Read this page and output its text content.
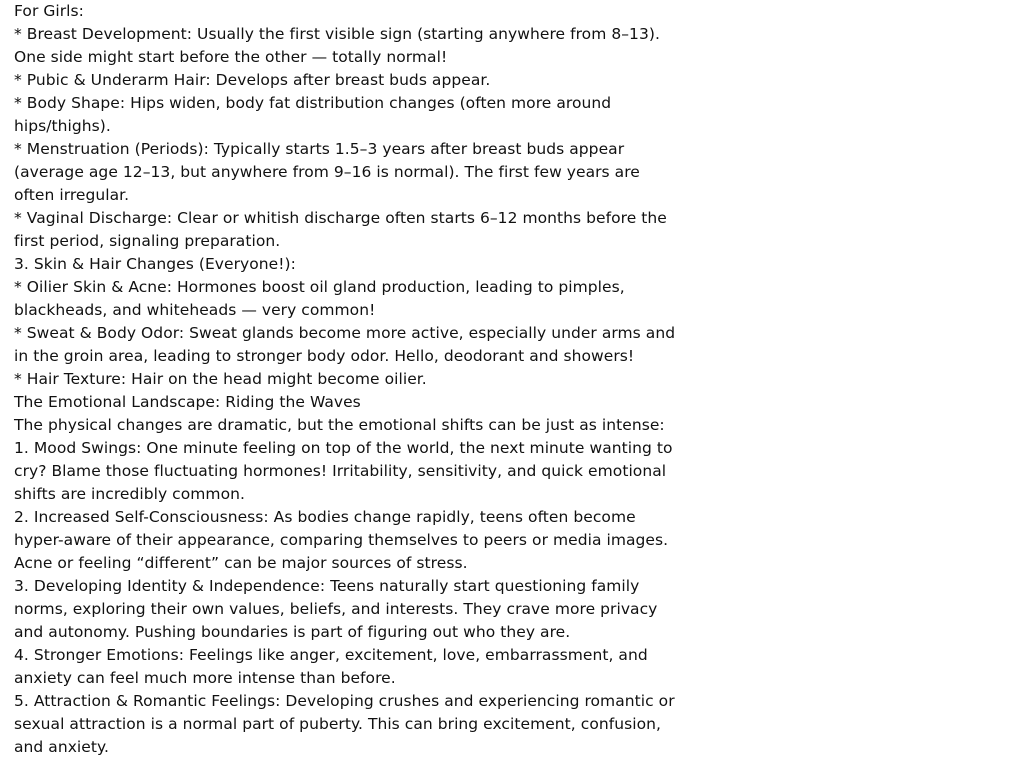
For Girls:

* Breast Development: Usually the first visible sign (starting anywhere from 8–13). One side might start before the other — totally normal!

* Pubic & Underarm Hair: Develops after breast buds appear.

* Body Shape: Hips widen, body fat distribution changes (often more around hips/thighs).

* Menstruation (Periods): Typically starts 1.5–3 years after breast buds appear (average age 12–13, but anywhere from 9–16 is normal). The first few years are often irregular.

* Vaginal Discharge: Clear or whitish discharge often starts 6–12 months before the first period, signaling preparation.

3. Skin & Hair Changes (Everyone!):

* Oilier Skin & Acne: Hormones boost oil gland production, leading to pimples, blackheads, and whiteheads — very common!

* Sweat & Body Odor: Sweat glands become more active, especially under arms and in the groin area, leading to stronger body odor. Hello, deodorant and showers!

* Hair Texture: Hair on the head might become oilier.

The Emotional Landscape: Riding the Waves

The physical changes are dramatic, but the emotional shifts can be just as intense:

1. Mood Swings: One minute feeling on top of the world, the next minute wanting to cry? Blame those fluctuating hormones! Irritability, sensitivity, and quick emotional shifts are incredibly common.

2. Increased Self-Consciousness: As bodies change rapidly, teens often become hyper-aware of their appearance, comparing themselves to peers or media images. Acne or feeling “different” can be major sources of stress.

3. Developing Identity & Independence: Teens naturally start questioning family norms, exploring their own values, beliefs, and interests. They crave more privacy and autonomy. Pushing boundaries is part of figuring out who they are.

4. Stronger Emotions: Feelings like anger, excitement, love, embarrassment, and anxiety can feel much more intense than before.

5. Attraction & Romantic Feelings: Developing crushes and experiencing romantic or sexual attraction is a normal part of puberty. This can bring excitement, confusion, and anxiety.
